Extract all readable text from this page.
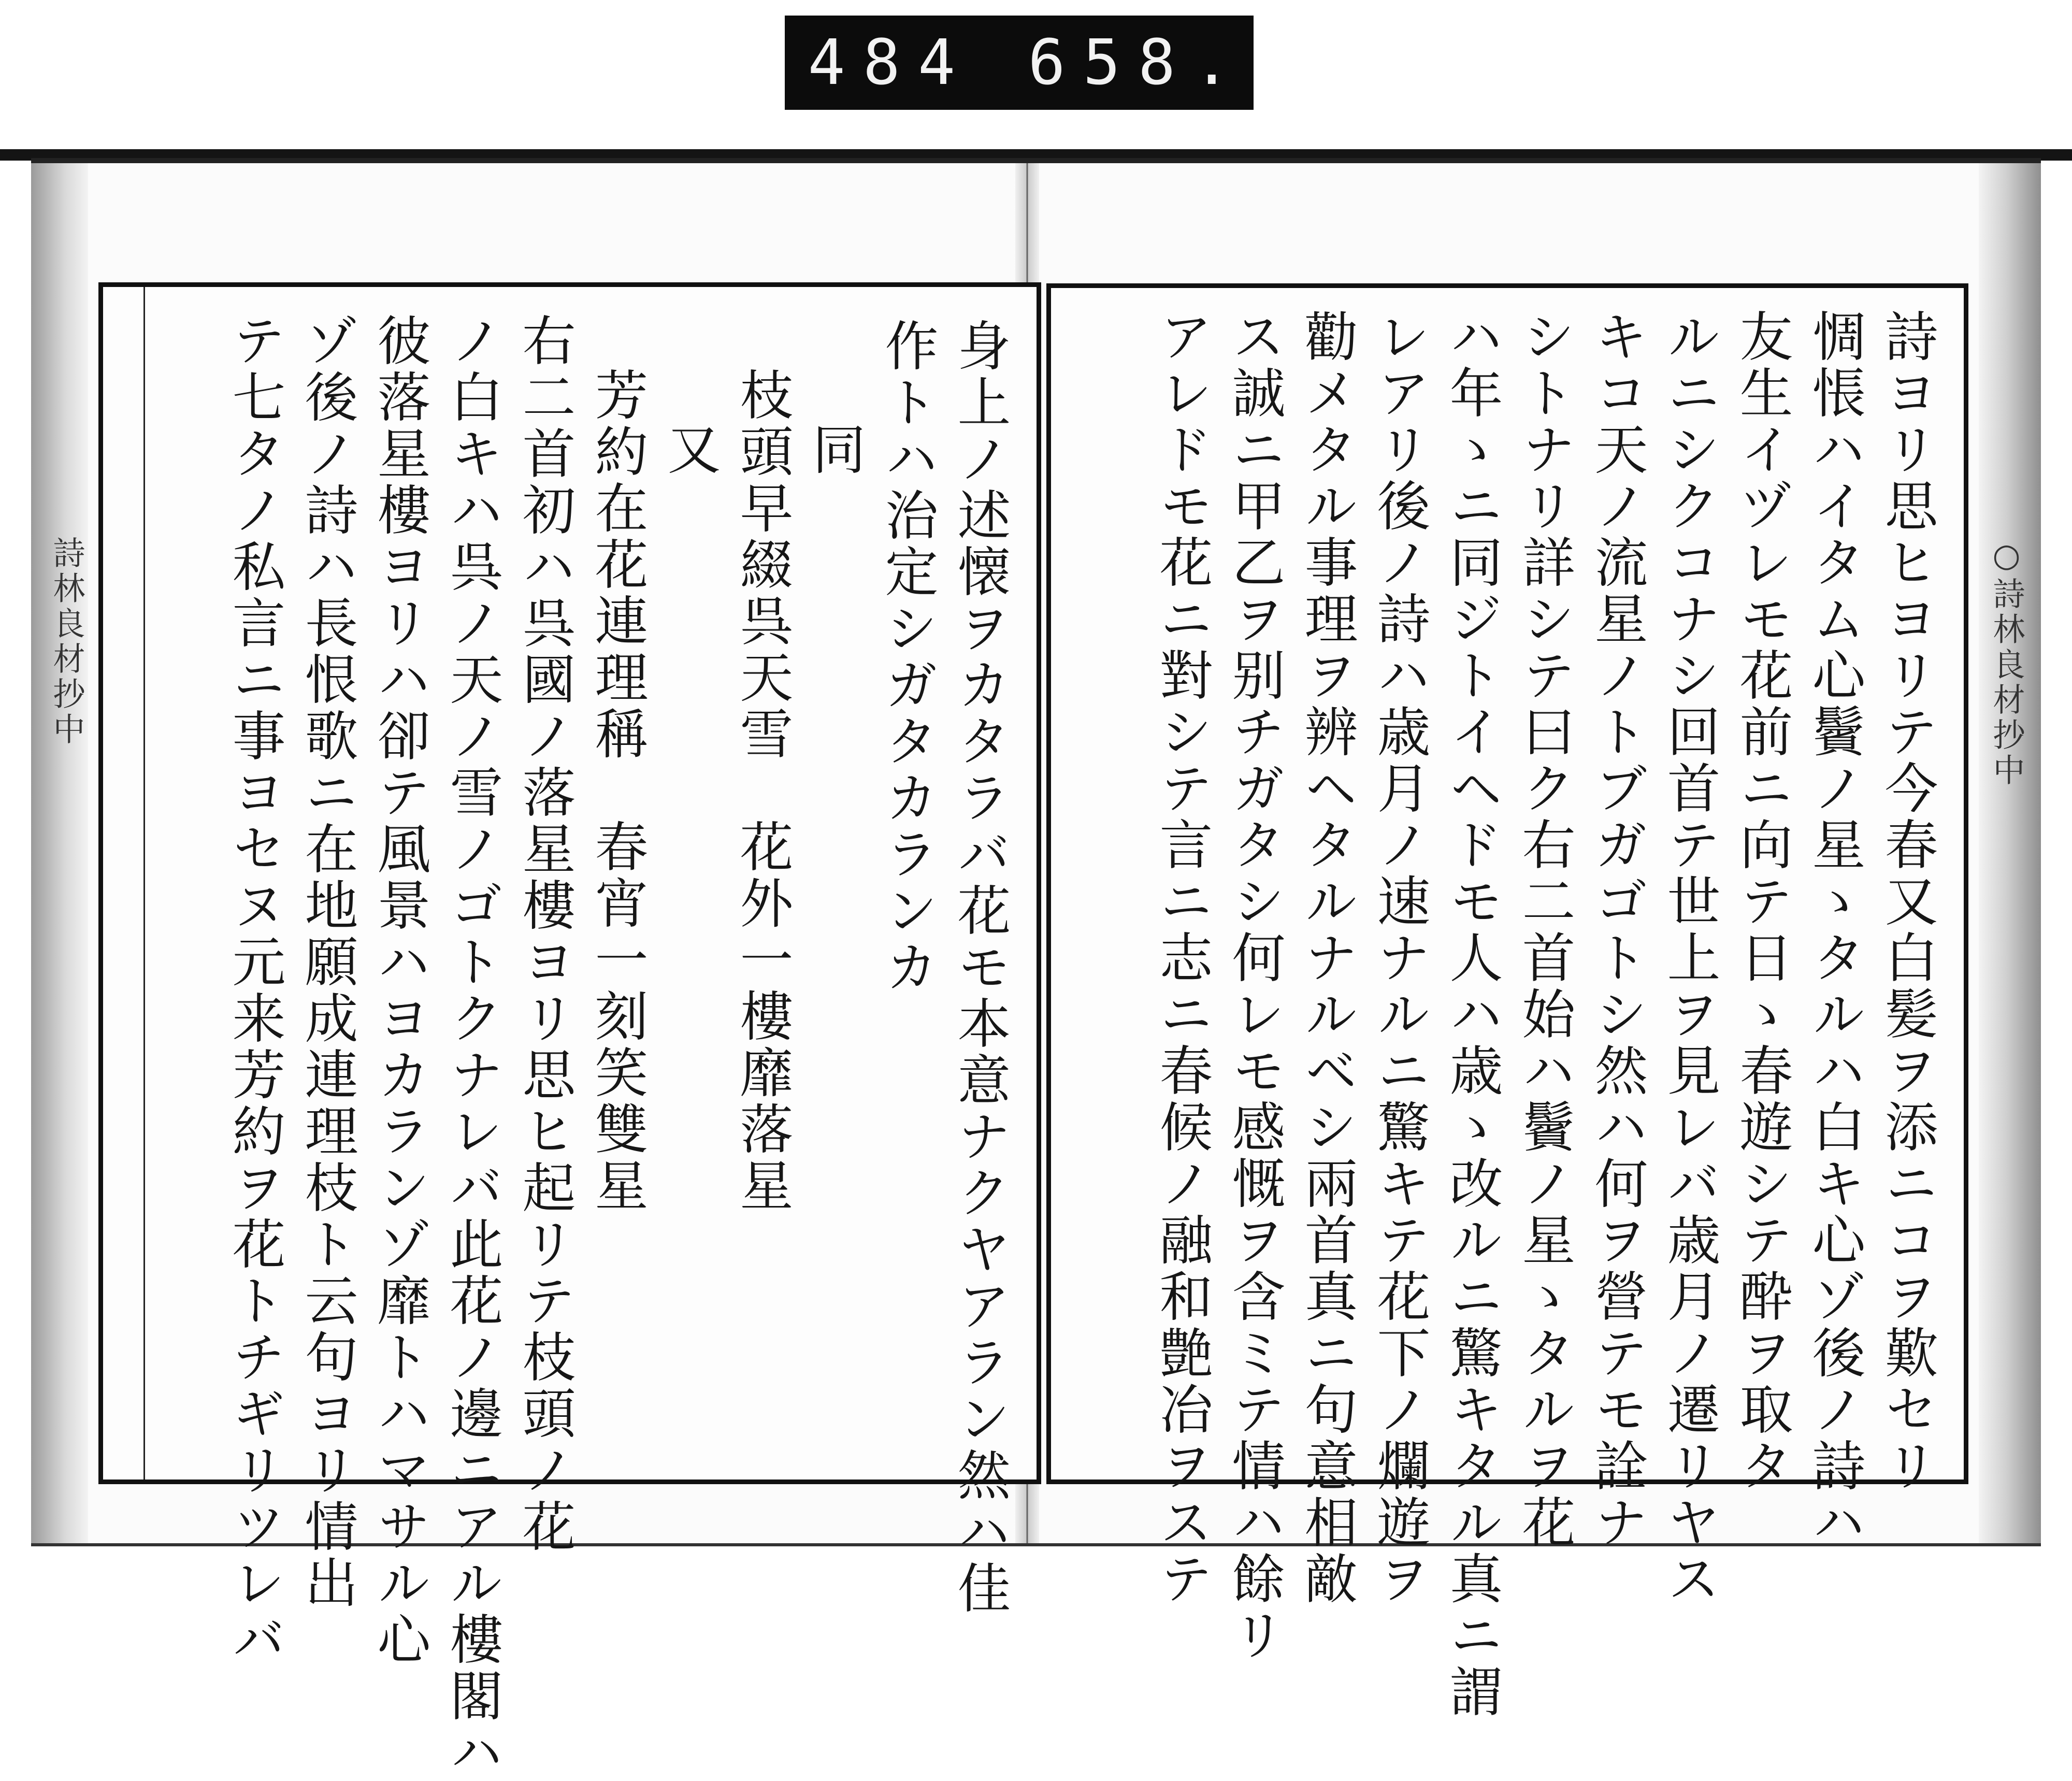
484 658.
詩林良材抄中	○詩林良材抄中
身上ノ述懐ヲカタラバ花モ本意ナクヤアラン然ハ佳
作トハ治定シガタカランカ
同
枝頭早綴呉天雪　花外一樓靡落星
又
芳約在花連理稱　春宵一刻笑雙星
右二首初ハ呉國ノ落星樓ヨリ思ヒ起リテ枝頭ノ花
ノ白キハ呉ノ天ノ雪ノゴトクナレバ此花ノ邊ニアル樓閣ハ
彼落星樓ヨリハ卻テ風景ハヨカランゾ靡トハマサル心
ゾ後ノ詩ハ長恨歌ニ在地願成連理枝ト云句ヨリ情出
テ七タノ私言ニ事ヨセヌ元来芳約ヲ花トチギリツレバ	詩ヨリ思ヒヨリテ今春又白髪ヲ添ニコヲ歎セリ
惆悵ハイタム心鬢ノ星ゝタルハ白キ心ゾ後ノ詩ハ
友生イヅレモ花前ニ向テ日ゝ春遊シテ酔ヲ取タ
ルニシクコナシ回首テ世上ヲ見レバ歳月ノ遷リヤス
キコ天ノ流星ノトブガゴトシ然ハ何ヲ營テモ詮ナ
シトナリ詳シテ曰ク右二首始ハ鬢ノ星ゝタルヲ花
ハ年ゝニ同ジトイヘドモ人ハ歳ゝ改ルニ驚キタル真ニ謂
レアリ後ノ詩ハ歳月ノ速ナルニ驚キテ花下ノ爛遊ヲ
勸メタル事理ヲ辨ヘタルナルベシ兩首真ニ句意相敵
ス誠ニ甲乙ヲ别チガタシ何レモ感慨ヲ含ミテ情ハ餘リ
アレドモ花ニ對シテ言ニ志ニ春候ノ融和艶冶ヲステ
